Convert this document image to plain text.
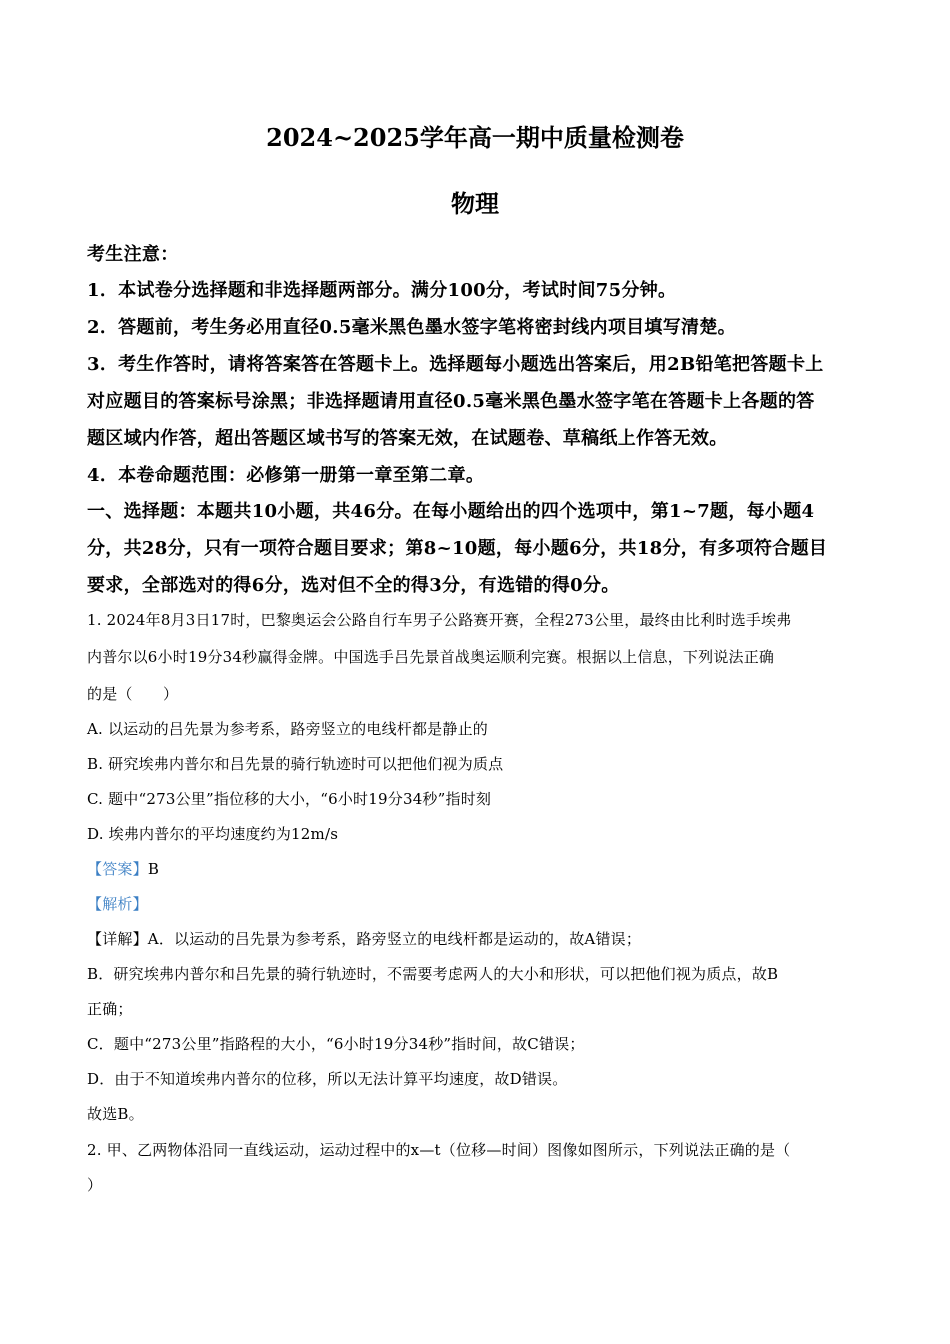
2024~2025学年高一期中质量检测卷
物理
考生注意：
1．本试卷分选择题和非选择题两部分。满分100分，考试时间75分钟。
2．答题前，考生务必用直径0.5毫米黑色墨水签字笔将密封线内项目填写清楚。
3．考生作答时，请将答案答在答题卡上。选择题每小题选出答案后，用2B铅笔把答题卡上
对应题目的答案标号涂黑；非选择题请用直径0.5毫米黑色墨水签字笔在答题卡上各题的答
题区域内作答，超出答题区域书写的答案无效，在试题卷、草稿纸上作答无效。
4．本卷命题范围：必修第一册第一章至第二章。
一、选择题：本题共10小题，共46分。在每小题给出的四个选项中，第1~7题，每小题4
分，共28分，只有一项符合题目要求；第8~10题，每小题6分，共18分，有多项符合题目
要求，全部选对的得6分，选对但不全的得3分，有选错的得0分。
1. 2024年8月3日17时，巴黎奥运会公路自行车男子公路赛开赛，全程273公里，最终由比利时选手埃弗
内普尔以6小时19分34秒赢得金牌。中国选手吕先景首战奥运顺利完赛。根据以上信息，下列说法正确
的是（　　）
A. 以运动的吕先景为参考系，路旁竖立的电线杆都是静止的
B. 研究埃弗内普尔和吕先景的骑行轨迹时可以把他们视为质点
C. 题中“273公里”指位移的大小，“6小时19分34秒”指时刻
D. 埃弗内普尔的平均速度约为12m/s
【答案】B
【解析】
【详解】A．以运动的吕先景为参考系，路旁竖立的电线杆都是运动的，故A错误；
B．研究埃弗内普尔和吕先景的骑行轨迹时，不需要考虑两人的大小和形状，可以把他们视为质点，故B
正确；
C．题中“273公里”指路程的大小，“6小时19分34秒”指时间，故C错误；
D．由于不知道埃弗内普尔的位移，所以无法计算平均速度，故D错误。
故选B。
2. 甲、乙两物体沿同一直线运动，运动过程中的x—t（位移—时间）图像如图所示，下列说法正确的是（
）
